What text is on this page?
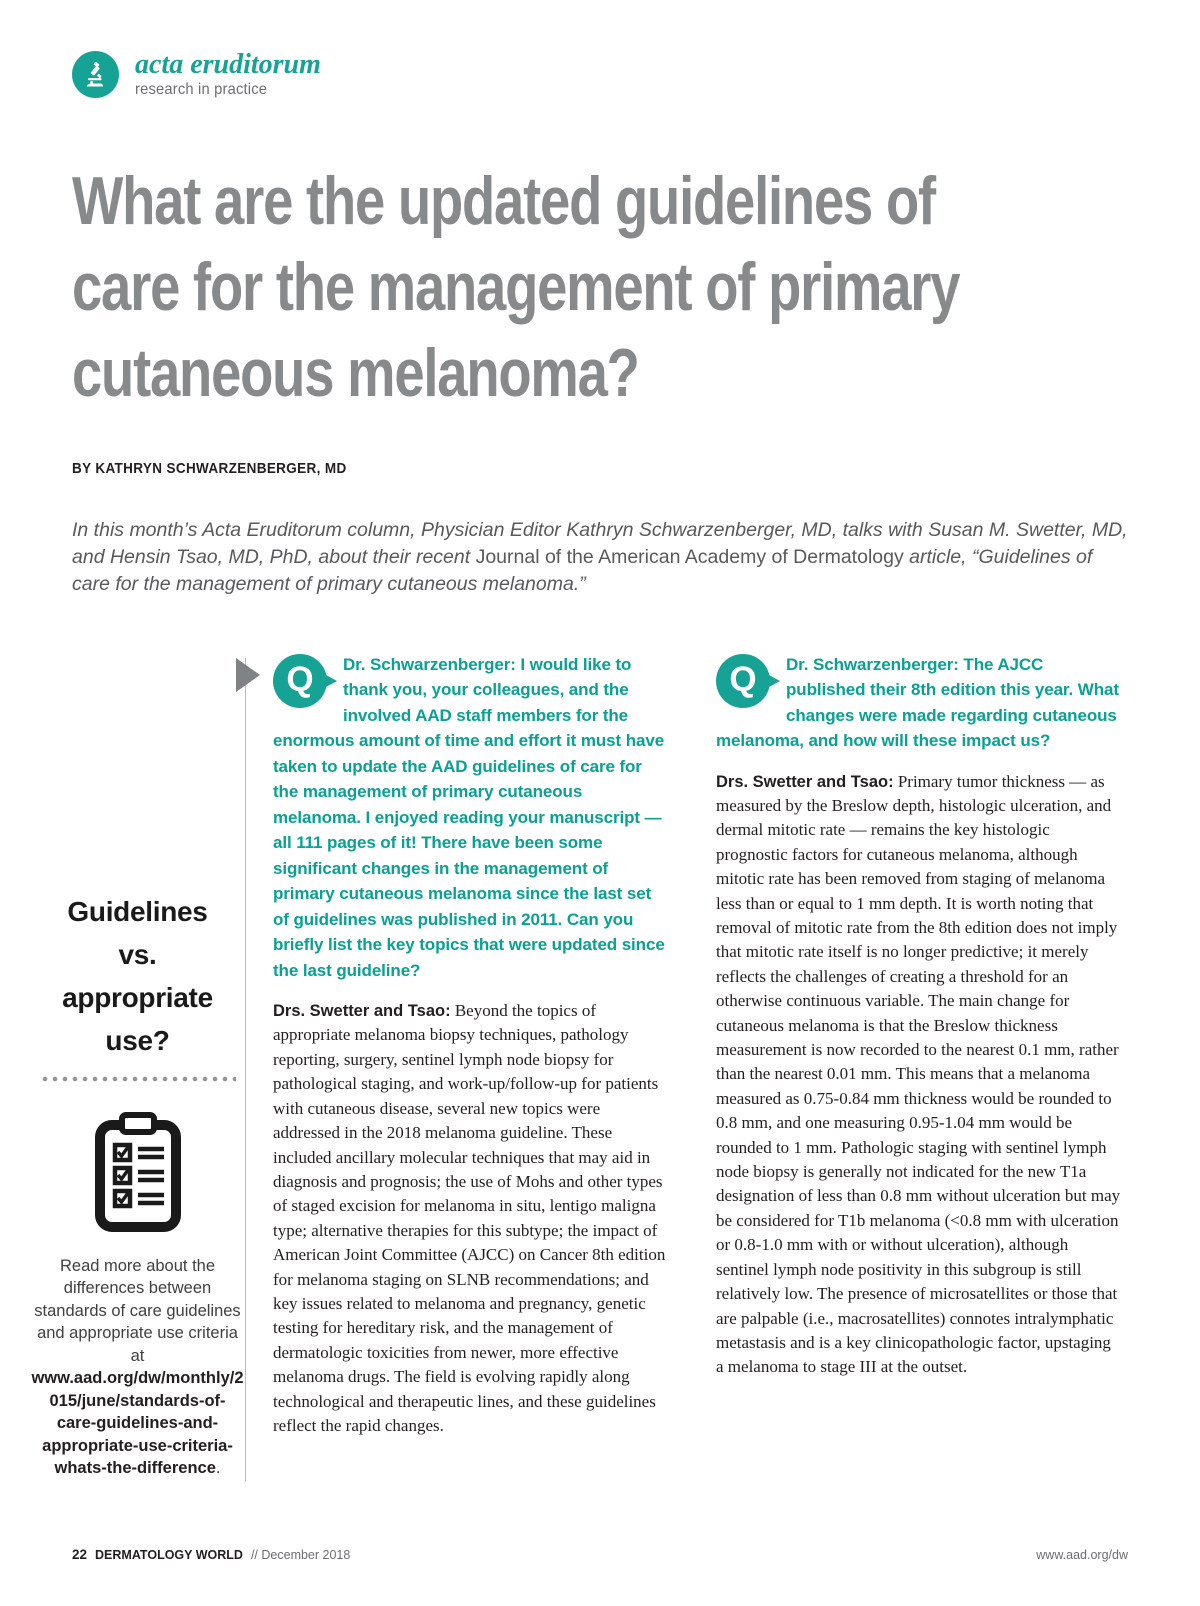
acta eruditorum
research in practice
What are the updated guidelines of
care for the management of primary
cutaneous melanoma?
BY KATHRYN SCHWARZENBERGER, MD

In this month’s Acta Eruditorum column, Physician Editor Kathryn Schwarzenberger, MD, talks with Susan M. Swetter, MD, and Hensin Tsao, MD, PhD, about their recent Journal of the American Academy of Dermatology article, “Guidelines of care for the management of primary cutaneous melanoma.”

Guidelines
vs.
appropriate
use?

Read more about the differences between standards of care guidelines and appropriate use criteria at www.aad.org/dw/monthly/2015/june/standards-of-care-guidelines-and-appropriate-use-criteria-whats-the-difference.

Q	Dr. Schwarzenberger: I would like to thank you, your colleagues, and the involved AAD staff members for the enormous amount of time and effort it must have taken to update the AAD guidelines of care for the management of primary cutaneous melanoma. I enjoyed reading your manuscript — all 111 pages of it! There have been some significant changes in the management of primary cutaneous melanoma since the last set of guidelines was published in 2011. Can you briefly list the key topics that were updated since the last guideline?

Drs. Swetter and Tsao: Beyond the topics of appropriate melanoma biopsy techniques, pathology reporting, surgery, sentinel lymph node biopsy for pathological staging, and work-up/follow-up for patients with cutaneous disease, several new topics were addressed in the 2018 melanoma guideline. These included ancillary molecular techniques that may aid in diagnosis and prognosis; the use of Mohs and other types of staged excision for melanoma in situ, lentigo maligna type; alternative therapies for this subtype; the impact of American Joint Committee (AJCC) on Cancer 8th edition for melanoma staging on SLNB recommendations; and key issues related to melanoma and pregnancy, genetic testing for hereditary risk, and the management of dermatologic toxicities from newer, more effective melanoma drugs. The field is evolving rapidly along technological and therapeutic lines, and these guidelines reflect the rapid changes.

Q	Dr. Schwarzenberger: The AJCC published their 8th edition this year. What changes were made regarding cutaneous melanoma, and how will these impact us?

Drs. Swetter and Tsao: Primary tumor thickness — as measured by the Breslow depth, histologic ulceration, and dermal mitotic rate — remains the key histologic prognostic factors for cutaneous melanoma, although mitotic rate has been removed from staging of melanoma less than or equal to 1 mm depth. It is worth noting that removal of mitotic rate from the 8th edition does not imply that mitotic rate itself is no longer predictive; it merely reflects the challenges of creating a threshold for an otherwise continuous variable. The main change for cutaneous melanoma is that the Breslow thickness measurement is now recorded to the nearest 0.1 mm, rather than the nearest 0.01 mm. This means that a melanoma measured as 0.75-0.84 mm thickness would be rounded to 0.8 mm, and one measuring 0.95-1.04 mm would be rounded to 1 mm. Pathologic staging with sentinel lymph node biopsy is generally not indicated for the new T1a designation of less than 0.8 mm without ulceration but may be considered for T1b melanoma (<0.8 mm with ulceration or 0.8-1.0 mm with or without ulceration), although sentinel lymph node positivity in this subgroup is still relatively low. The presence of microsatellites or those that are palpable (i.e., macrosatellites) connotes intralymphatic metastasis and is a key clinicopathologic factor, upstaging a melanoma to stage III at the outset.

22 DERMATOLOGY WORLD // December 2018	www.aad.org/dw
